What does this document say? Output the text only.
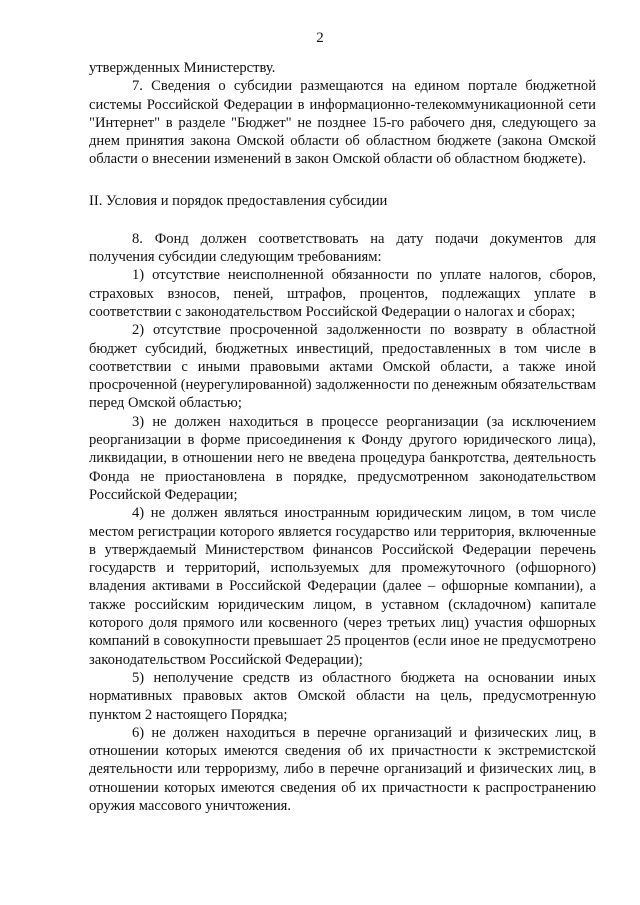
2

утвержденных Министерству.

7. Сведения о субсидии размещаются на едином портале бюджетной системы Российской Федерации в информационно-телекоммуникационной сети "Интернет" в разделе "Бюджет" не позднее 15-го рабочего дня, следующего за днем принятия закона Омской области об областном бюджете (закона Омской области о внесении изменений в закон Омской области об областном бюджете).

II. Условия и порядок предоставления субсидии

8. Фонд должен соответствовать на дату подачи документов для получения субсидии следующим требованиям:

1) отсутствие неисполненной обязанности по уплате налогов, сборов, страховых взносов, пеней, штрафов, процентов, подлежащих уплате в соответствии с законодательством Российской Федерации о налогах и сборах;

2) отсутствие просроченной задолженности по возврату в областной бюджет субсидий, бюджетных инвестиций, предоставленных в том числе в соответствии с иными правовыми актами Омской области, а также иной просроченной (неурегулированной) задолженности по денежным обязательствам перед Омской областью;

3) не должен находиться в процессе реорганизации (за исключением реорганизации в форме присоединения к Фонду другого юридического лица), ликвидации, в отношении него не введена процедура банкротства, деятельность Фонда не приостановлена в порядке, предусмотренном законодательством Российской Федерации;

4) не должен являться иностранным юридическим лицом, в том числе местом регистрации которого является государство или территория, включенные в утверждаемый Министерством финансов Российской Федерации перечень государств и территорий, используемых для промежуточного (офшорного) владения активами в Российской Федерации (далее – офшорные компании), а также российским юридическим лицом, в уставном (складочном) капитале которого доля прямого или косвенного (через третьих лиц) участия офшорных компаний в совокупности превышает 25 процентов (если иное не предусмотрено законодательством Российской Федерации);

5) неполучение средств из областного бюджета на основании иных нормативных правовых актов Омской области на цель, предусмотренную пунктом 2 настоящего Порядка;

6) не должен находиться в перечне организаций и физических лиц, в отношении которых имеются сведения об их причастности к экстремистской деятельности или терроризму, либо в перечне организаций и физических лиц, в отношении которых имеются сведения об их причастности к распространению оружия массового уничтожения.
